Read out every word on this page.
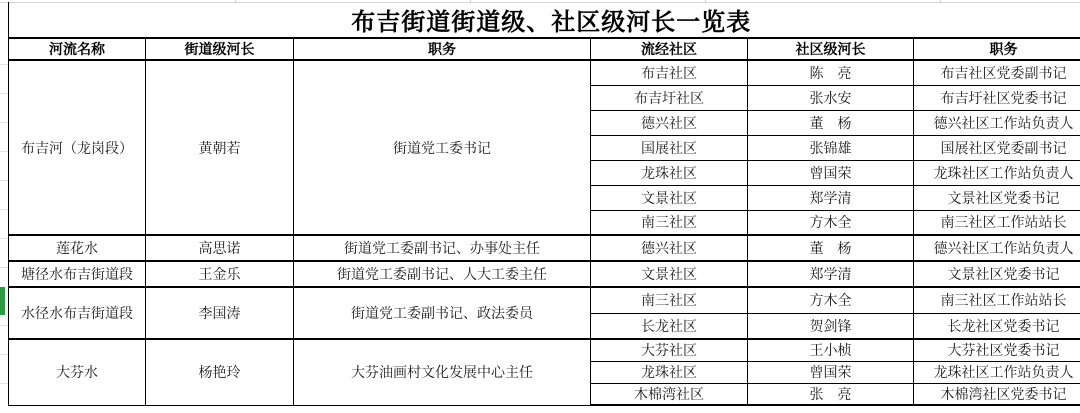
布吉街道街道级、社区级河长一览表					
河流名称	街道级河长	职务	流经社区	社区级河长	职务
布吉河（龙岗段）	黄朝若	街道党工委书记	布吉社区	陈　亮	布吉社区党委副书记
			布吉圩社区	张水安	布吉圩社区党委书记
			德兴社区	董　杨	德兴社区工作站负责人
			国展社区	张锦雄	国展社区党委副书记
			龙珠社区	曾国荣	龙珠社区工作站负责人
			文景社区	郑学清	文景社区党委书记
			南三社区	方木全	南三社区工作站站长
莲花水	高思诺	街道党工委副书记、办事处主任	德兴社区	董　杨	德兴社区工作站负责人
塘径水布吉街道段	王金乐	街道党工委副书记、人大工委主任	文景社区	郑学清	文景社区党委书记
水径水布吉街道段	李国涛	街道党工委副书记、政法委员	南三社区	方木全	南三社区工作站站长
			长龙社区	贺剑锋	长龙社区党委书记
大芬水	杨艳玲	大芬油画村文化发展中心主任	大芬社区	王小桢	大芬社区党委书记
			龙珠社区	曾国荣	龙珠社区工作站负责人
			木棉湾社区	张　亮	木棉湾社区党委书记
